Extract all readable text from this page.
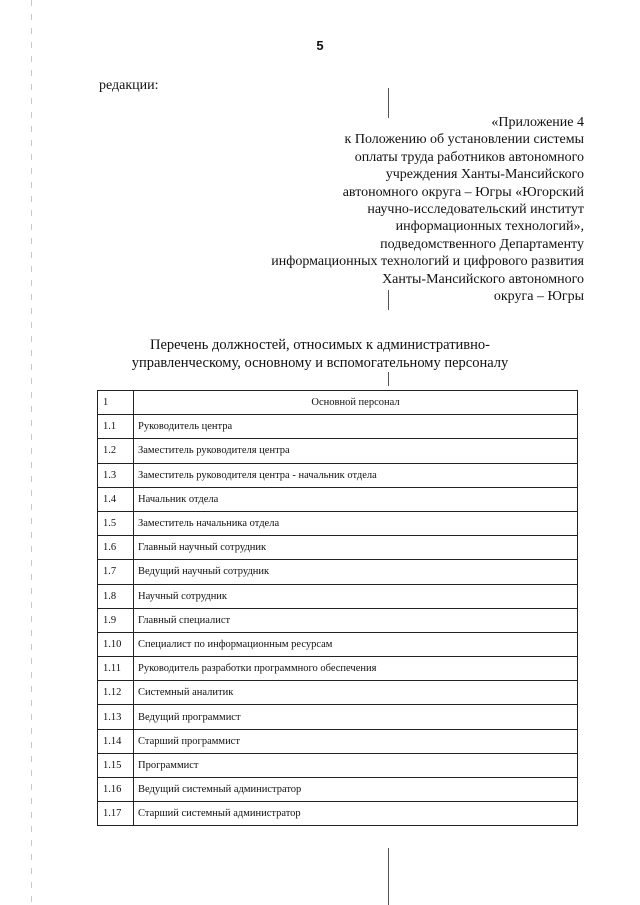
5
редакции:
«Приложение 4
к Положению об установлении системы
оплаты труда работников автономного
учреждения Ханты-Мансийского
автономного округа – Югры «Югорский
научно-исследовательский институт
информационных технологий»,
подведомственного Департаменту
информационных технологий и цифрового развития
Ханты-Мансийского автономного
округа – Югры
Перечень должностей, относимых к административно-
управленческому, основному и вспомогательному персоналу
1	Основной персонал
1.1	Руководитель центра
1.2	Заместитель руководителя центра
1.3	Заместитель руководителя центра - начальник отдела
1.4	Начальник отдела
1.5	Заместитель начальника отдела
1.6	Главный научный сотрудник
1.7	Ведущий научный сотрудник
1.8	Научный сотрудник
1.9	Главный специалист
1.10	Специалист по информационным ресурсам
1.11	Руководитель разработки программного обеспечения
1.12	Системный аналитик
1.13	Ведущий программист
1.14	Старший программист
1.15	Программист
1.16	Ведущий системный администратор
1.17	Старший системный администратор
